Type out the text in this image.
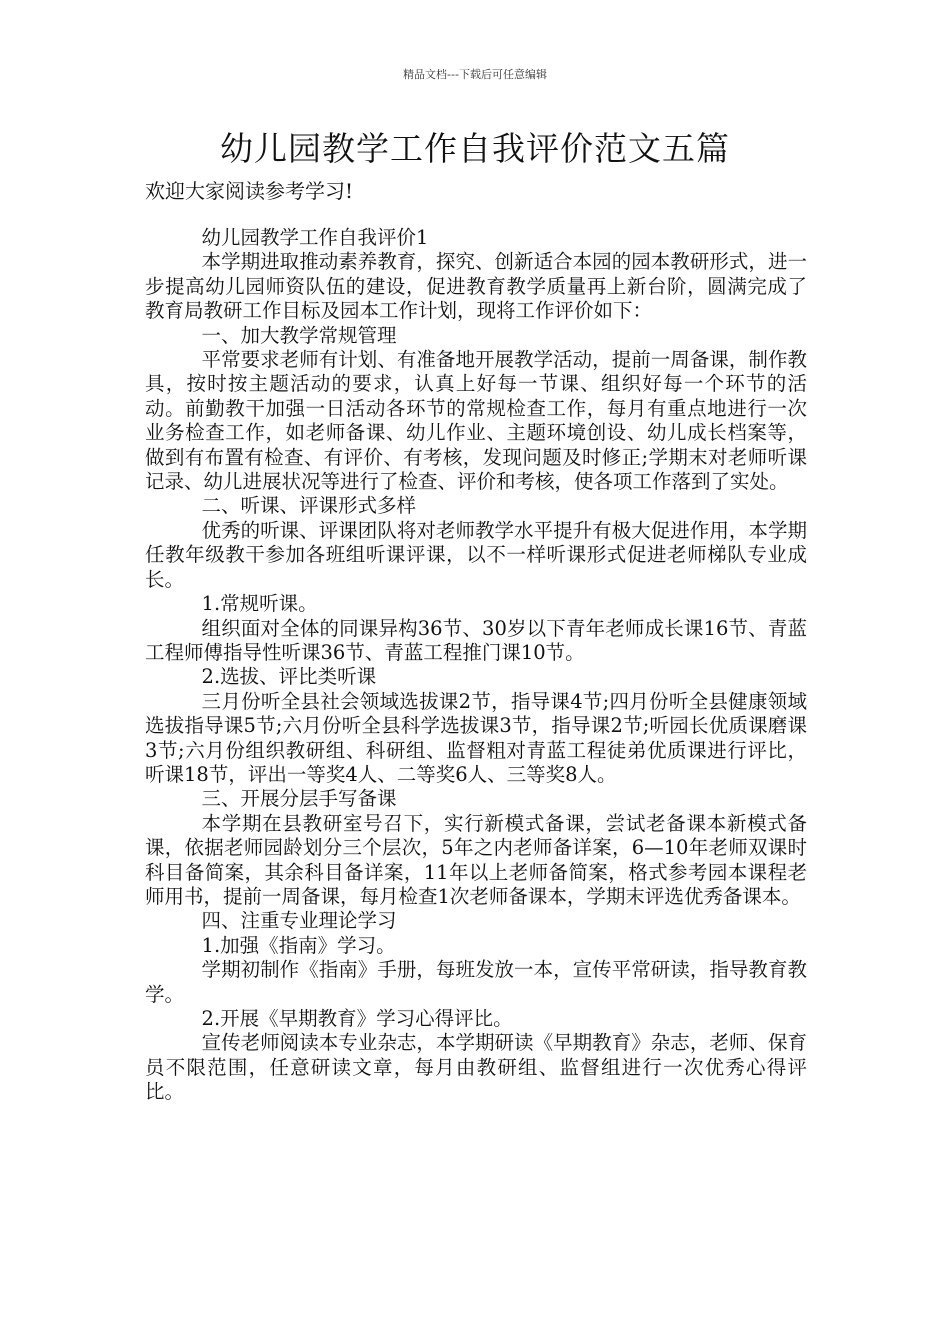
精品文档---下载后可任意编辑
幼儿园教学工作自我评价范文五篇
欢迎大家阅读参考学习!

幼儿园教学工作自我评价1

本学期进取推动素养教育，探究、创新适合本园的园本教研形式，进一步提高幼儿园师资队伍的建设，促进教育教学质量再上新台阶，圆满完成了教育局教研工作目标及园本工作计划，现将工作评价如下：

一、加大教学常规管理

平常要求老师有计划、有准备地开展教学活动，提前一周备课，制作教具，按时按主题活动的要求，认真上好每一节课、组织好每一个环节的活动。前勤教干加强一日活动各环节的常规检查工作，每月有重点地进行一次业务检查工作，如老师备课、幼儿作业、主题环境创设、幼儿成长档案等，做到有布置有检查、有评价、有考核，发现问题及时修正;学期末对老师听课记录、幼儿进展状况等进行了检查、评价和考核，使各项工作落到了实处。

二、听课、评课形式多样

优秀的听课、评课团队将对老师教学水平提升有极大促进作用，本学期任教年级教干参加各班组听课评课，以不一样听课形式促进老师梯队专业成长。

1.常规听课。

组织面对全体的同课异构36节、30岁以下青年老师成长课16节、青蓝工程师傅指导性听课36节、青蓝工程推门课10节。

2.选拔、评比类听课

三月份听全县社会领域选拔课2节，指导课4节;四月份听全县健康领域选拔指导课5节;六月份听全县科学选拔课3节，指导课2节;听园长优质课磨课3节;六月份组织教研组、科研组、监督粗对青蓝工程徒弟优质课进行评比，听课18节，评出一等奖4人、二等奖6人、三等奖8人。

三、开展分层手写备课

本学期在县教研室号召下，实行新模式备课，尝试老备课本新模式备课，依据老师园龄划分三个层次，5年之内老师备详案，6—10年老师双课时科目备简案，其余科目备详案，11年以上老师备简案，格式参考园本课程老师用书，提前一周备课，每月检查1次老师备课本，学期末评选优秀备课本。

四、注重专业理论学习

1.加强《指南》学习。

学期初制作《指南》手册，每班发放一本，宣传平常研读，指导教育教学。

2.开展《早期教育》学习心得评比。

宣传老师阅读本专业杂志，本学期研读《早期教育》杂志，老师、保育员不限范围，任意研读文章，每月由教研组、监督组进行一次优秀心得评比。
